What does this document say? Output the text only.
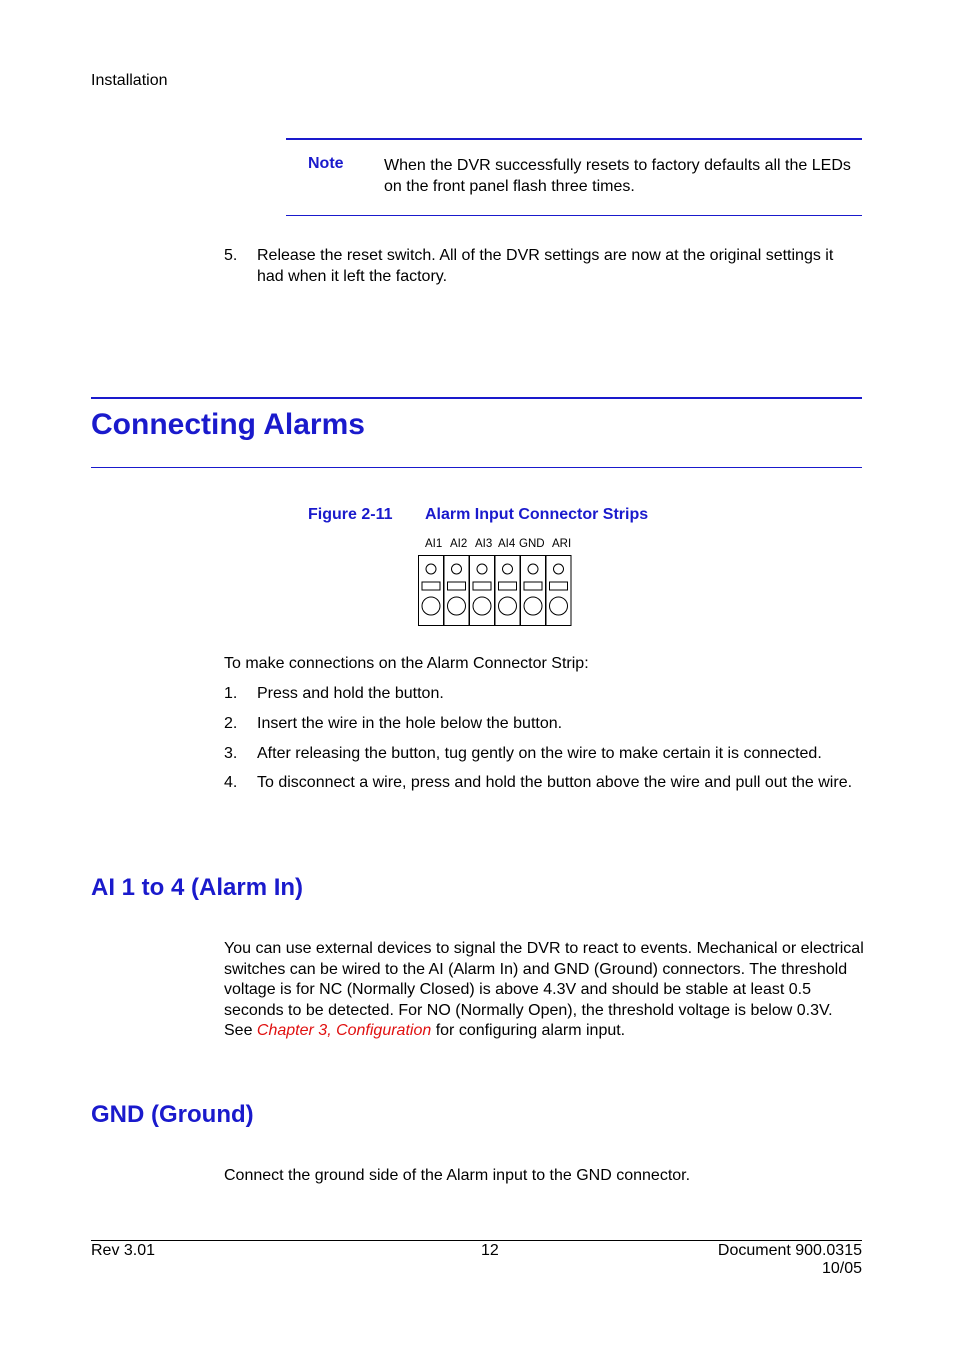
Installation
Note	When the DVR successfully resets to factory defaults all the LEDs on the front panel flash three times.
5. Release the reset switch. All of the DVR settings are now at the original settings it had when it left the factory.
Connecting Alarms
Figure 2-11 Alarm Input Connector Strips
AI1 AI2 AI3 AI4 GND ARI
To make connections on the Alarm Connector Strip:
1. Press and hold the button.
2. Insert the wire in the hole below the button.
3. After releasing the button, tug gently on the wire to make certain it is connected.
4. To disconnect a wire, press and hold the button above the wire and pull out the wire.
AI 1 to 4 (Alarm In)
You can use external devices to signal the DVR to react to events. Mechanical or electrical switches can be wired to the AI (Alarm In) and GND (Ground) connectors. The threshold voltage is for NC (Normally Closed) is above 4.3V and should be stable at least 0.5 seconds to be detected. For NO (Normally Open), the threshold voltage is below 0.3V. See Chapter 3, Configuration for configuring alarm input.
GND (Ground)
Connect the ground side of the Alarm input to the GND connector.
Rev 3.01	12	Document 900.0315
10/05
